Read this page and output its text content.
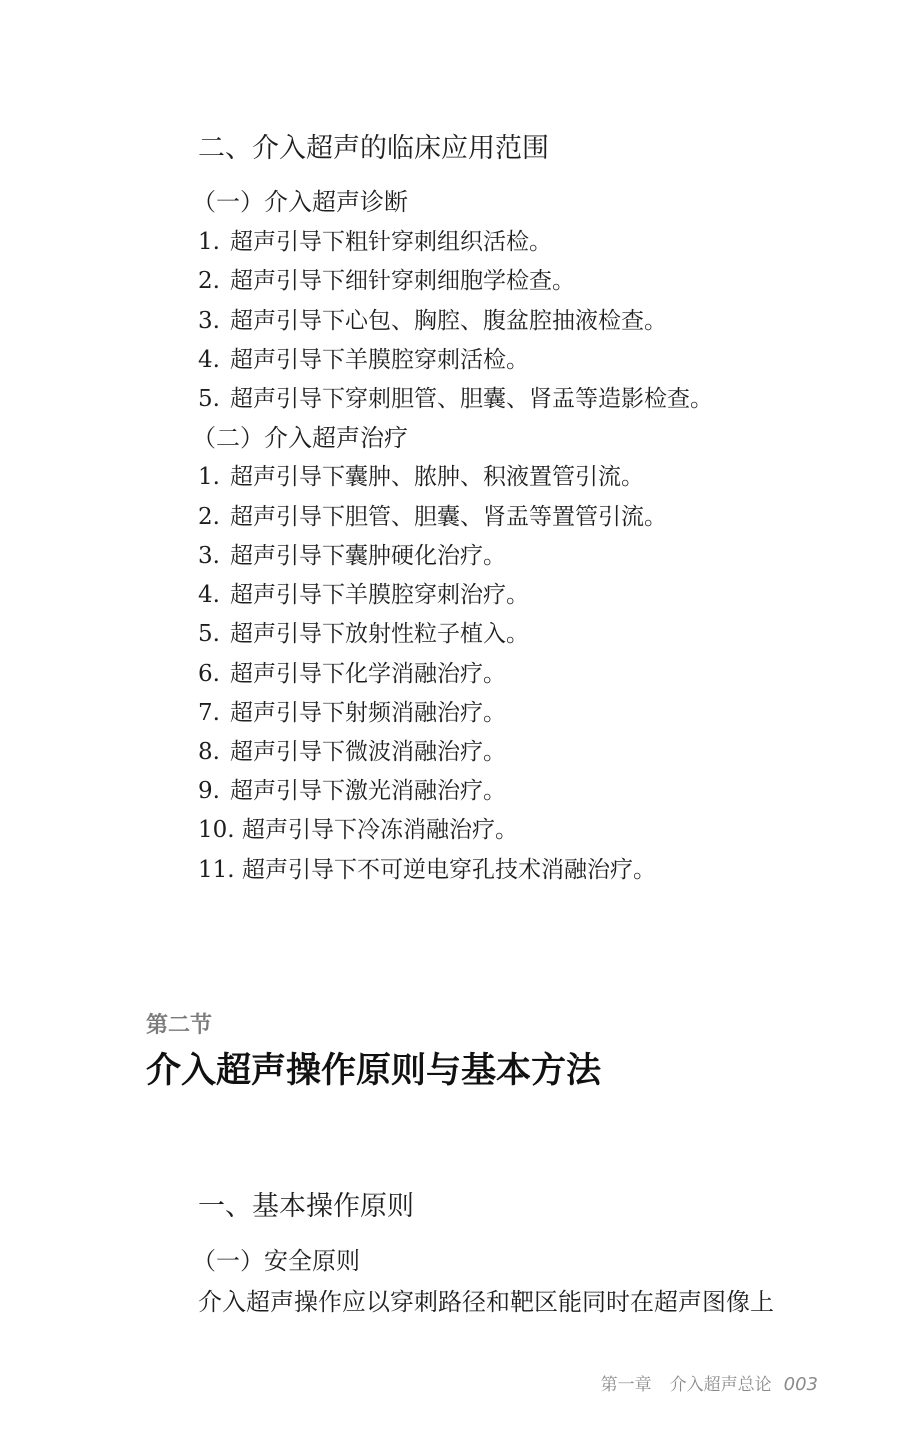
二、介入超声的临床应用范围
（一）介入超声诊断
1. 超声引导下粗针穿刺组织活检。
2. 超声引导下细针穿刺细胞学检查。
3. 超声引导下心包、胸腔、腹盆腔抽液检查。
4. 超声引导下羊膜腔穿刺活检。
5. 超声引导下穿刺胆管、胆囊、肾盂等造影检查。
（二）介入超声治疗
1. 超声引导下囊肿、脓肿、积液置管引流。
2. 超声引导下胆管、胆囊、肾盂等置管引流。
3. 超声引导下囊肿硬化治疗。
4. 超声引导下羊膜腔穿刺治疗。
5. 超声引导下放射性粒子植入。
6. 超声引导下化学消融治疗。
7. 超声引导下射频消融治疗。
8. 超声引导下微波消融治疗。
9. 超声引导下激光消融治疗。
10. 超声引导下冷冻消融治疗。
11. 超声引导下不可逆电穿孔技术消融治疗。
第二节
介入超声操作原则与基本方法
一、基本操作原则
（一）安全原则
介入超声操作应以穿刺路径和靶区能同时在超声图像上
第一章 介入超声总论 003
